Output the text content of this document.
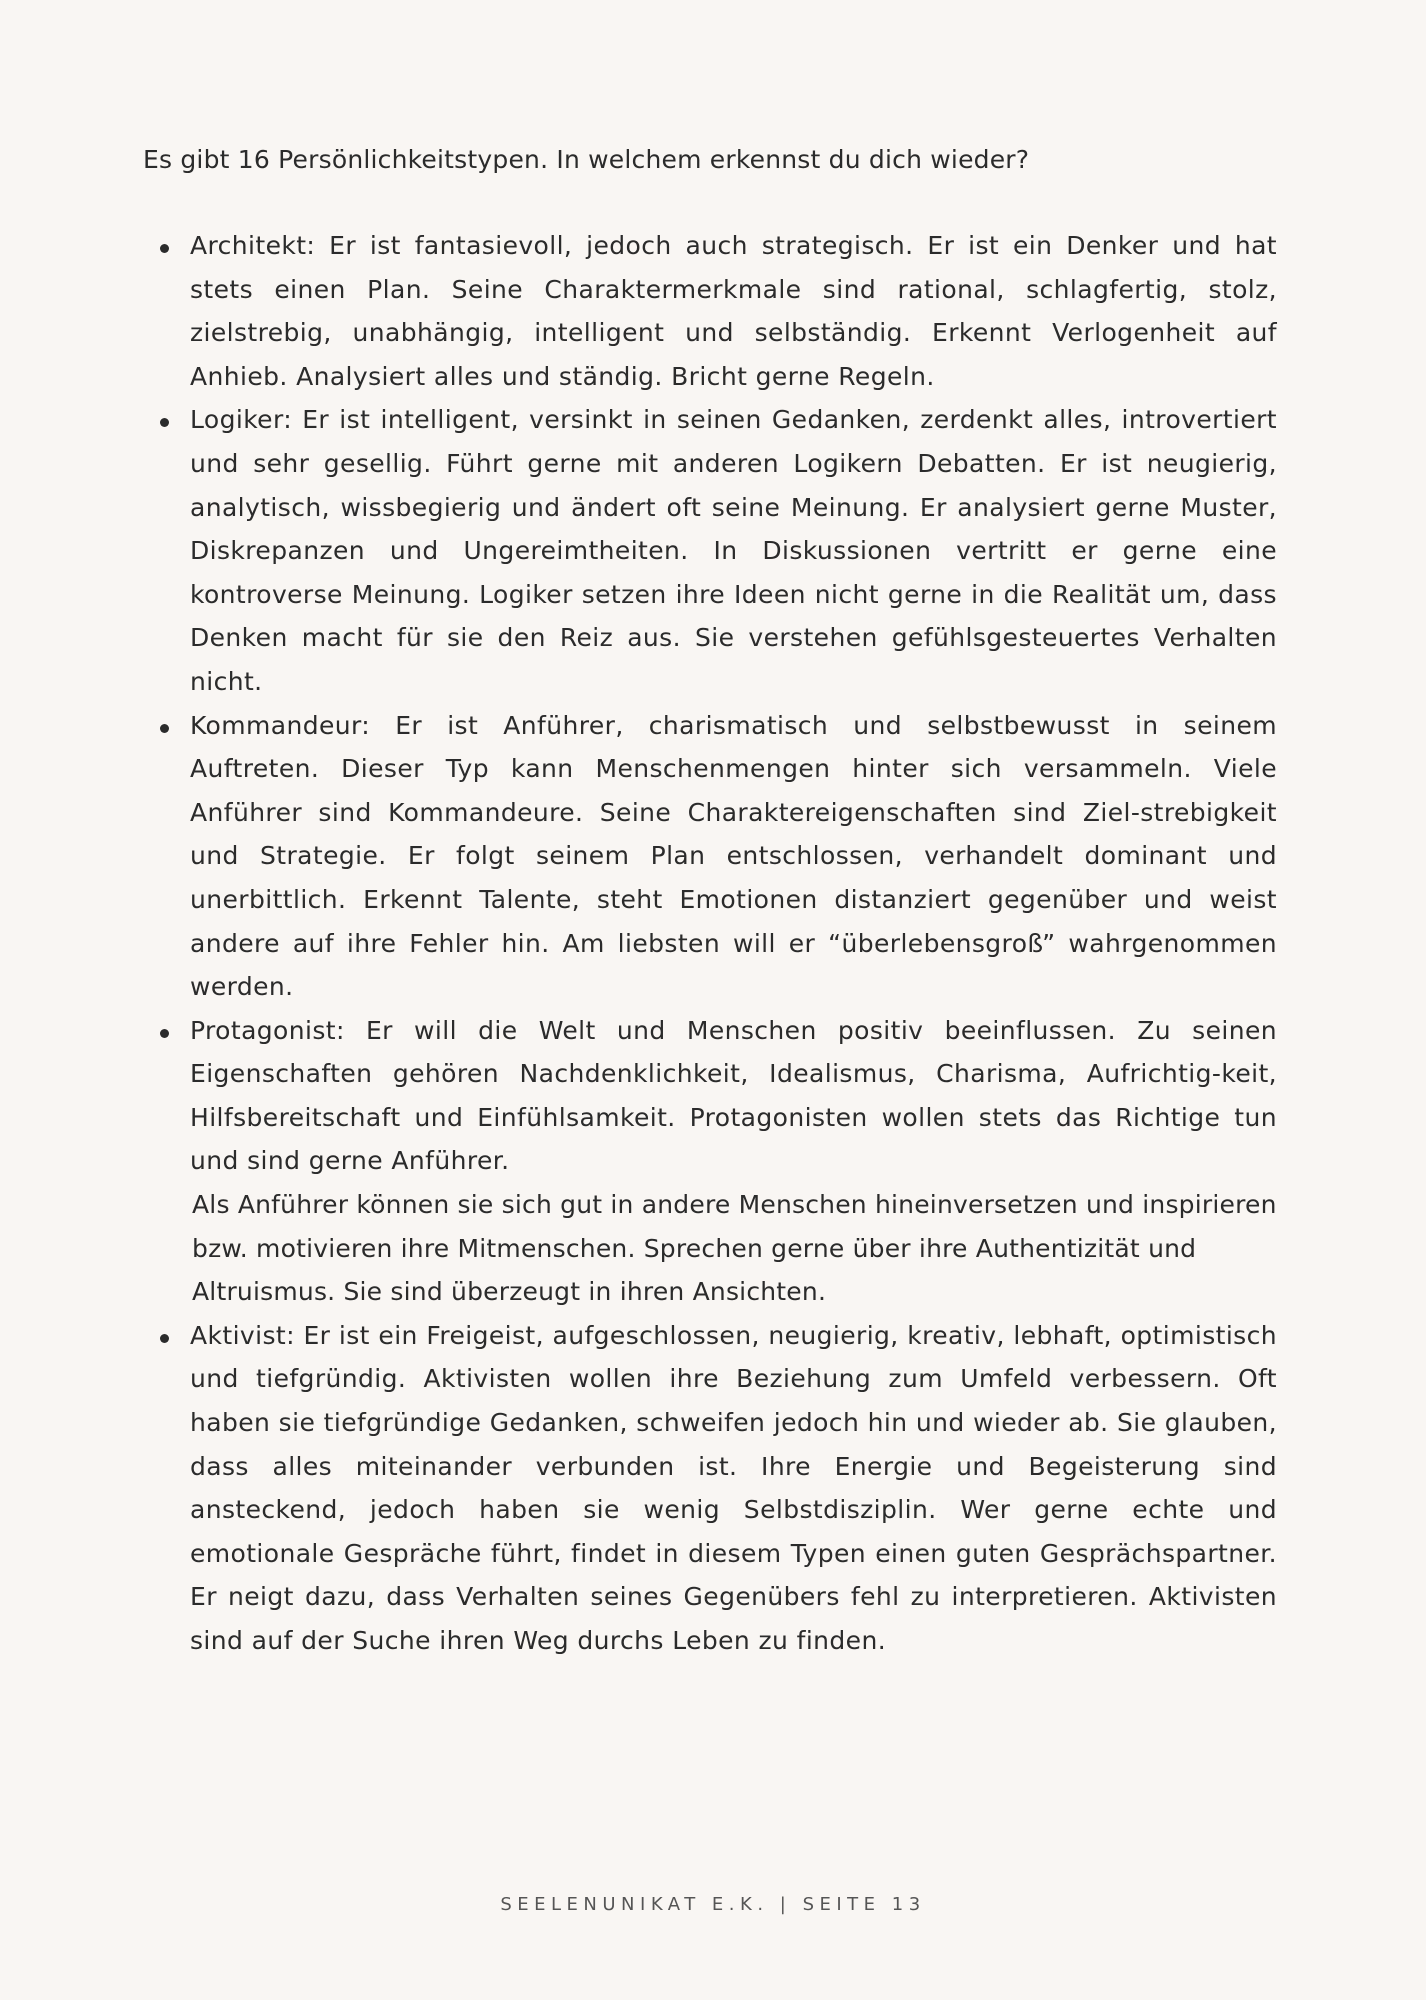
Es gibt 16 Persönlichkeitstypen. In welchem erkennst du dich wieder?

Architekt: Er ist fantasievoll, jedoch auch strategisch. Er ist ein Denker und hat stets einen Plan. Seine Charaktermerkmale sind rational, schlagfertig, stolz, zielstrebig, unabhängig, intelligent und selbständig. Erkennt Verlogenheit auf Anhieb. Analysiert alles und ständig. Bricht gerne Regeln.

Logiker: Er ist intelligent, versinkt in seinen Gedanken, zerdenkt alles, introvertiert und sehr gesellig. Führt gerne mit anderen Logikern Debatten. Er ist neugierig, analytisch, wissbegierig und ändert oft seine Meinung. Er analysiert gerne Muster, Diskrepanzen und Ungereimtheiten. In Diskussionen vertritt er gerne eine kontroverse Meinung. Logiker setzen ihre Ideen nicht gerne in die Realität um, dass Denken macht für sie den Reiz aus. Sie verstehen gefühlsgesteuertes Verhalten nicht.

Kommandeur: Er ist Anführer, charismatisch und selbstbewusst in seinem Auftreten. Dieser Typ kann Menschenmengen hinter sich versammeln. Viele Anführer sind Kommandeure. Seine Charaktereigenschaften sind Ziel-strebigkeit und Strategie. Er folgt seinem Plan entschlossen, verhandelt dominant und unerbittlich. Erkennt Talente, steht Emotionen distanziert gegenüber und weist andere auf ihre Fehler hin. Am liebsten will er “überlebensgroß” wahrgenommen werden.

Protagonist: Er will die Welt und Menschen positiv beeinflussen. Zu seinen Eigenschaften gehören Nachdenklichkeit, Idealismus, Charisma, Aufrichtig-keit, Hilfsbereitschaft und Einfühlsamkeit. Protagonisten wollen stets das Richtige tun und sind gerne Anführer.

Als Anführer können sie sich gut in andere Menschen hineinversetzen und inspirieren bzw. motivieren ihre Mitmenschen. Sprechen gerne über ihre Authentizität und Altruismus. Sie sind überzeugt in ihren Ansichten.

Aktivist: Er ist ein Freigeist, aufgeschlossen, neugierig, kreativ, lebhaft, optimistisch und tiefgründig. Aktivisten wollen ihre Beziehung zum Umfeld verbessern. Oft haben sie tiefgründige Gedanken, schweifen jedoch hin und wieder ab. Sie glauben, dass alles miteinander verbunden ist. Ihre Energie und Begeisterung sind ansteckend, jedoch haben sie wenig Selbstdisziplin. Wer gerne echte und emotionale Gespräche führt, findet in diesem Typen einen guten Gesprächspartner. Er neigt dazu, dass Verhalten seines Gegenübers fehl zu interpretieren. Aktivisten sind auf der Suche ihren Weg durchs Leben zu finden.

SEELENUNIKAT E.K. | SEITE 13
